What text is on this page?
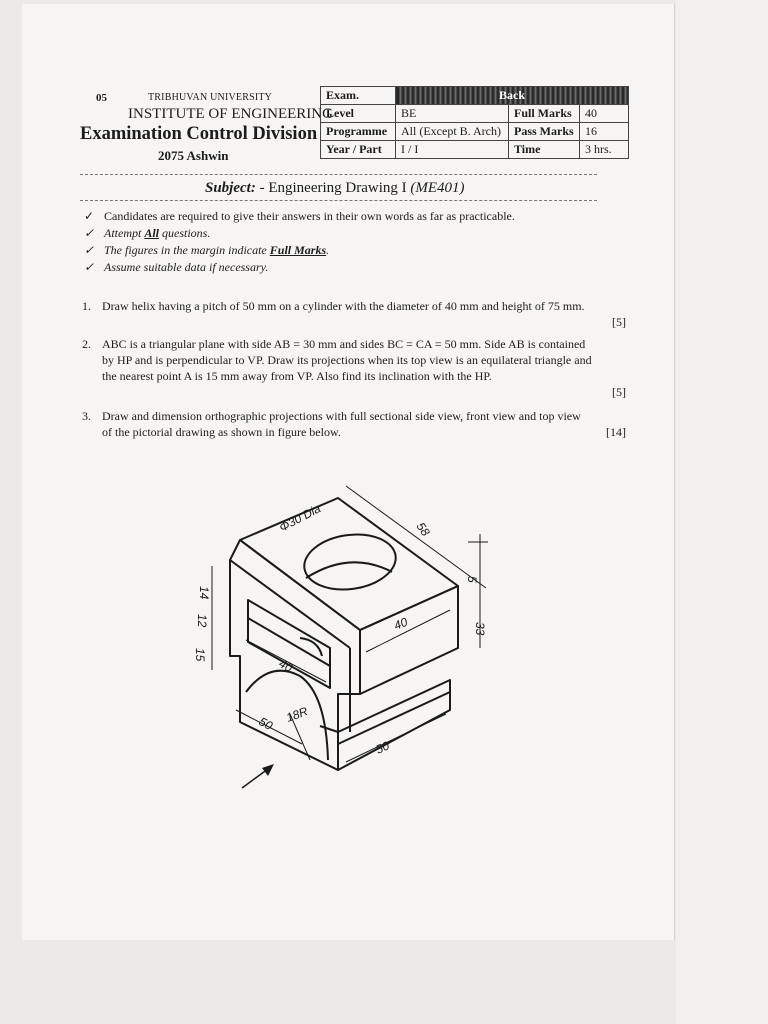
05	TRIBHUVAN UNIVERSITY
INSTITUTE OF ENGINEERING
Examination Control Division
2075 Ashwin
Exam.	Back		
Level	BE	Full Marks	40
Programme	All (Except B. Arch)	Pass Marks	16
Year / Part	I / I	Time	3 hrs.
Subject: - Engineering Drawing I (ME401)
✓ Candidates are required to give their answers in their own words as far as practicable.
✓ Attempt All questions.
✓ The figures in the margin indicate Full Marks.
✓ Assume suitable data if necessary.
1. Draw helix having a pitch of 50 mm on a cylinder with the diameter of 40 mm and height of 75 mm.
[5]
2. ABC is a triangular plane with side AB = 30 mm and sides BC = CA = 50 mm. Side AB is contained by HP and is perpendicular to VP. Draw its projections when its top view is an equilateral triangle and the nearest point A is 15 mm away from VP. Also find its inclination with the HP.
[5]
3. Draw and dimension orthographic projections with full sectional side view, front view and top view of the pictorial drawing as shown in figure below.	[14]
Φ30 Dia	58
5
33
40
14
12
15
40
50 18R
50
